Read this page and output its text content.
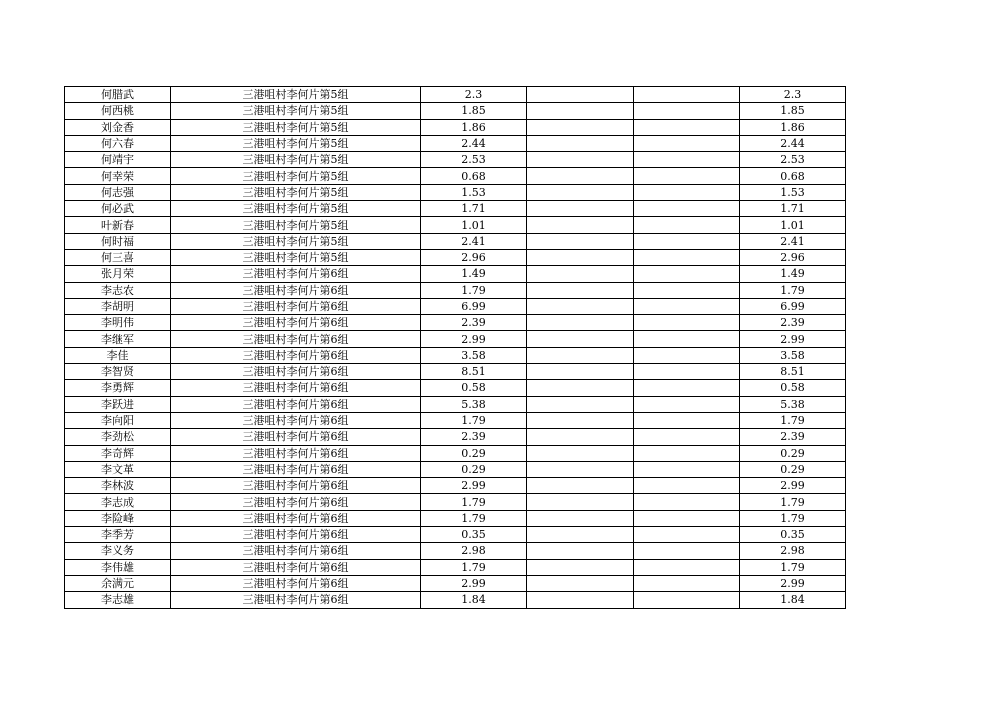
何腊武	三港咀村李何片第5组	2.3			2.3
何西桃	三港咀村李何片第5组	1.85			1.85
刘金香	三港咀村李何片第5组	1.86			1.86
何六春	三港咀村李何片第5组	2.44			2.44
何靖宇	三港咀村李何片第5组	2.53			2.53
何幸荣	三港咀村李何片第5组	0.68			0.68
何志强	三港咀村李何片第5组	1.53			1.53
何必武	三港咀村李何片第5组	1.71			1.71
叶新春	三港咀村李何片第5组	1.01			1.01
何时福	三港咀村李何片第5组	2.41			2.41
何三喜	三港咀村李何片第5组	2.96			2.96
张月荣	三港咀村李何片第6组	1.49			1.49
李志农	三港咀村李何片第6组	1.79			1.79
李胡明	三港咀村李何片第6组	6.99			6.99
李明伟	三港咀村李何片第6组	2.39			2.39
李继军	三港咀村李何片第6组	2.99			2.99
李佳	三港咀村李何片第6组	3.58			3.58
李智贤	三港咀村李何片第6组	8.51			8.51
李勇辉	三港咀村李何片第6组	0.58			0.58
李跃进	三港咀村李何片第6组	5.38			5.38
李向阳	三港咀村李何片第6组	1.79			1.79
李劲松	三港咀村李何片第6组	2.39			2.39
李奇辉	三港咀村李何片第6组	0.29			0.29
李文革	三港咀村李何片第6组	0.29			0.29
李林波	三港咀村李何片第6组	2.99			2.99
李志成	三港咀村李何片第6组	1.79			1.79
李险峰	三港咀村李何片第6组	1.79			1.79
李季芳	三港咀村李何片第6组	0.35			0.35
李义务	三港咀村李何片第6组	2.98			2.98
李伟雄	三港咀村李何片第6组	1.79			1.79
余满元	三港咀村李何片第6组	2.99			2.99
李志雄	三港咀村李何片第6组	1.84			1.84
